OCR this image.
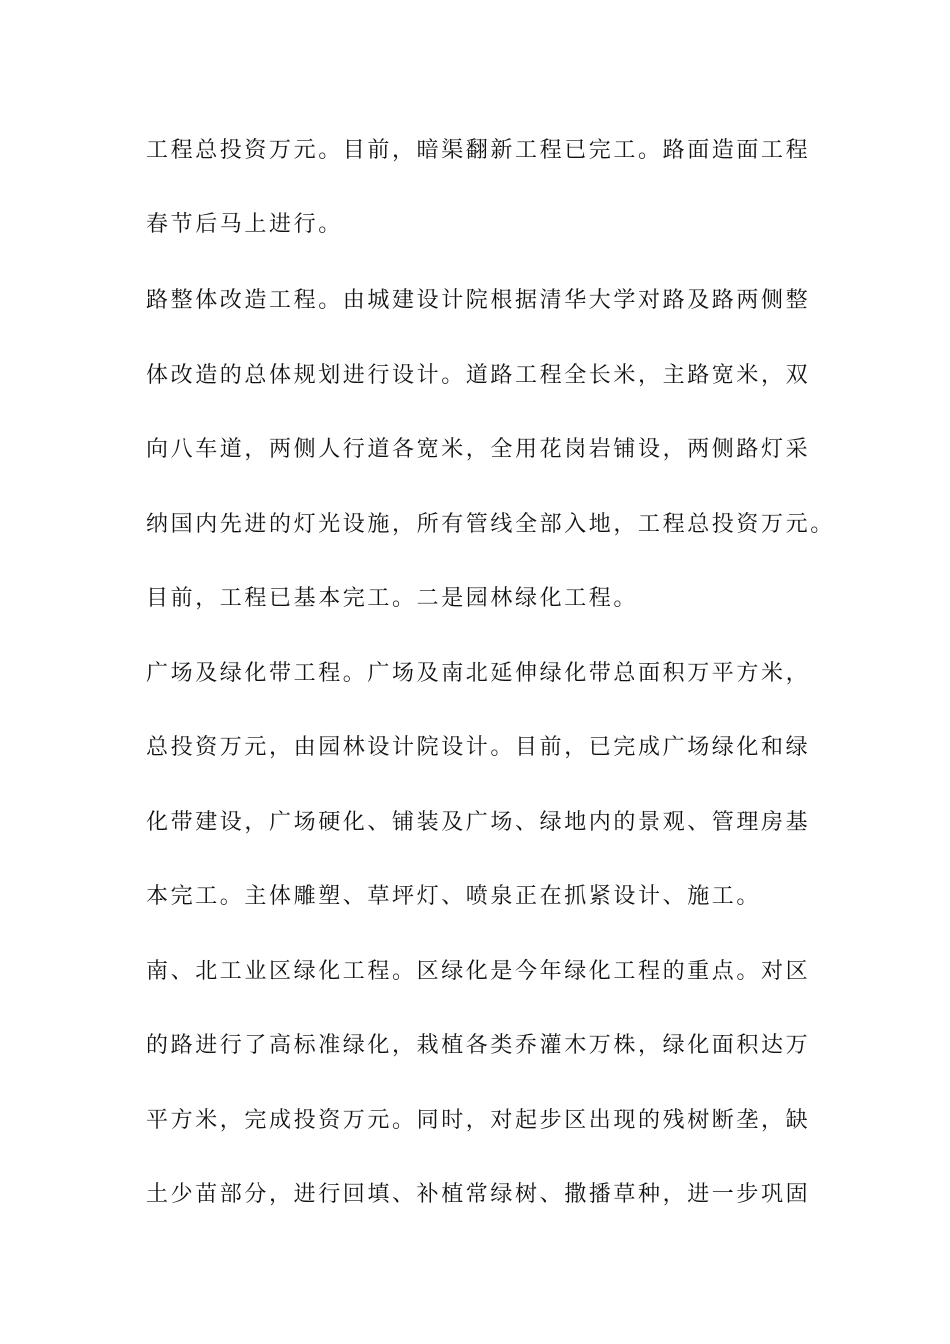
工程总投资万元。目前，暗渠翻新工程已完工。路面造面工程
春节后马上进行。
路整体改造工程。由城建设计院根据清华大学对路及路两侧整
体改造的总体规划进行设计。道路工程全长米，主路宽米，双
向八车道，两侧人行道各宽米，全用花岗岩铺设，两侧路灯采
纳国内先进的灯光设施，所有管线全部入地，工程总投资万元。
目前，工程已基本完工。二是园林绿化工程。
广场及绿化带工程。广场及南北延伸绿化带总面积万平方米，
总投资万元，由园林设计院设计。目前，已完成广场绿化和绿
化带建设，广场硬化、铺装及广场、绿地内的景观、管理房基
本完工。主体雕塑、草坪灯、喷泉正在抓紧设计、施工。
南、北工业区绿化工程。区绿化是今年绿化工程的重点。对区
的路进行了高标准绿化，栽植各类乔灌木万株，绿化面积达万
平方米，完成投资万元。同时，对起步区出现的残树断垄，缺
土少苗部分，进行回填、补植常绿树、撒播草种，进一步巩固
